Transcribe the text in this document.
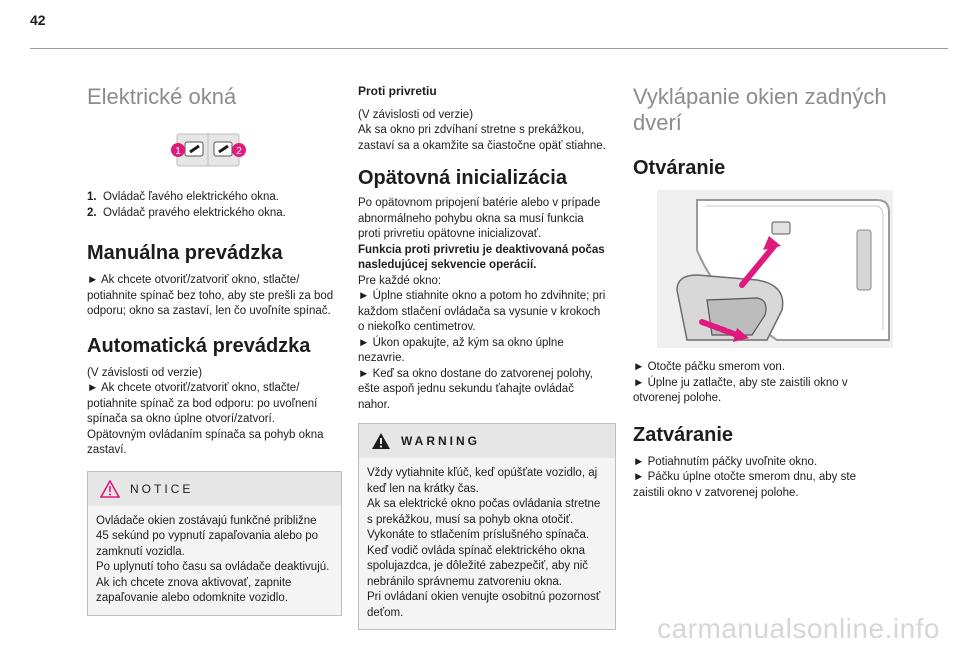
42
Elektrické okná
1	2
1. Ovládač ľavého elektrického okna.
2. Ovládač pravého elektrického okna.
Manuálna prevádzka

► Ak chcete otvoriť/zatvoriť okno, stlačte/

potiahnite spínač bez toho, aby ste prešli za bod

odporu; okno sa zastaví, len čo uvoľníte spínač.

Automatická prevádzka

(V závislosti od verzie)

► Ak chcete otvoriť/zatvoriť okno, stlačte/

potiahnite spínač za bod odporu: po uvoľnení

spínača sa okno úplne otvorí/zatvorí.

Opätovným ovládaním spínača sa pohyb okna

zastaví.

NOTICE

Ovládače okien zostávajú funkčné približne

45 sekúnd po vypnutí zapaľovania alebo po

zamknutí vozidla.

Po uplynutí toho času sa ovládače deaktivujú.

Ak ich chcete znova aktivovať, zapnite

zapaľovanie alebo odomknite vozidlo.

Proti privretiu

(V závislosti od verzie)

Ak sa okno pri zdvíhaní stretne s prekážkou,

zastaví sa a okamžite sa čiastočne opäť stiahne.

Opätovná inicializácia

Po opätovnom pripojení batérie alebo v prípade

abnormálneho pohybu okna sa musí funkcia

proti privretiu opätovne inicializovať.

Funkcia proti privretiu je deaktivovaná počas

nasledujúcej sekvencie operácií.

Pre každé okno:

► Úplne stiahnite okno a potom ho zdvihnite; pri

každom stlačení ovládača sa vysunie v krokoch

o niekoľko centimetrov.

► Úkon opakujte, až kým sa okno úplne

nezavrie.

► Keď sa okno dostane do zatvorenej polohy,

ešte aspoň jednu sekundu ťahajte ovládač

nahor.

WARNING

Vždy vytiahnite kľúč, keď opúšťate vozidlo, aj

keď len na krátky čas.

Ak sa elektrické okno počas ovládania stretne

s prekážkou, musí sa pohyb okna otočiť.

Vykonáte to stlačením príslušného spínača.

Keď vodič ovláda spínač elektrického okna

spolujazdca, je dôležité zabezpečiť, aby nič

nebránilo správnemu zatvoreniu okna.

Pri ovládaní okien venujte osobitnú pozornosť

deťom.

Vyklápanie okien zadných
dverí
Otváranie

► Otočte páčku smerom von.

► Úplne ju zatlačte, aby ste zaistili okno v

otvorenej polohe.

Zatváranie

► Potiahnutím páčky uvoľnite okno.

► Páčku úplne otočte smerom dnu, aby ste

zaistili okno v zatvorenej polohe.

carmanualsonline.info
